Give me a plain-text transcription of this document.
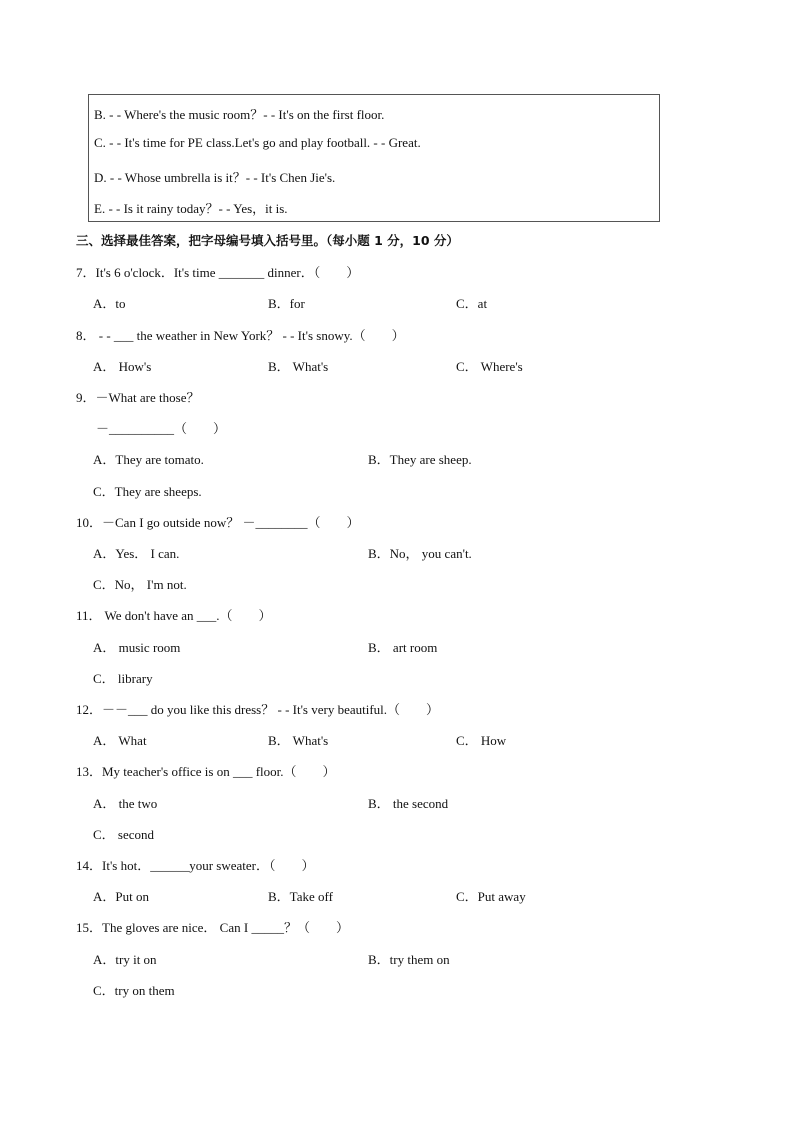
B. - - Where's the music room？- - It's on the first floor.
C. - - It's time for PE class.Let's go and play football. - - Great.
D. - - Whose umbrella is it？- - It's Chen Jie's.
E. - - Is it rainy today？- - Yes，it is.
三、选择最佳答案，把字母编号填入括号里。（每小题 1 分，10 分）
7．It's 6 o'clock．It's time _______ dinner．（　　）
A．to	B．for	C．at
8． - - ___ the weather in New York？ - - It's snowy.（　　）
A． How's	B． What's	C． Where's
9．－What are those？
－__________（　　）
A．They are tomato.	B．They are sheep.
C．They are sheeps.
10．－Can I go outside now？ －________（　　）
A．Yes． I can.	B．No， you can't.
C．No， I'm not.
11． We don't have an ___.（　　）
A． music room	B． art room
C． library
12．－－___ do you like this dress？ - - It's very beautiful.（　　）
A． What	B． What's	C． How
13．My teacher's office is on ___ floor.（　　）
A． the two	B． the second
C． second
14．It's hot．______your sweater．（　　）
A．Put on	B．Take off	C．Put away
15．The gloves are nice． Can I _____？（　　）
A．try it on	B．try them on
C．try on them
